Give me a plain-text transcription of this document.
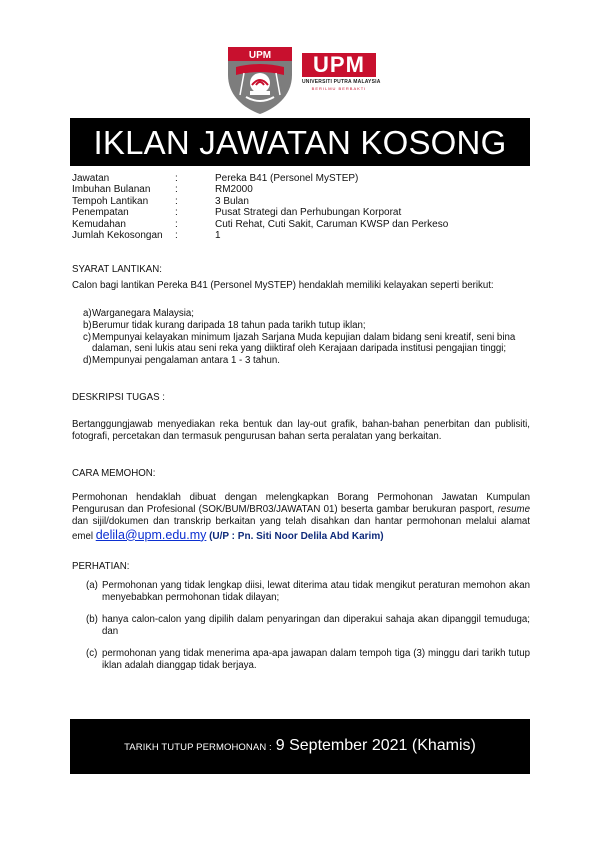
UPM	UPM
UNIVERSITI PUTRA MALAYSIA
BERILMU BERBAKTI
IKLAN JAWATAN KOSONG
Jawatan	:	Pereka B41 (Personel MySTEP)
Imbuhan Bulanan :	RM2000
Tempoh Lantikan	:	3 Bulan
Penempatan	:	Pusat Strategi dan Perhubungan Korporat
Kemudahan	:	Cuti Rehat, Cuti Sakit, Caruman KWSP dan Perkeso
Jumlah Kekosongan :	1
SYARAT LANTIKAN:
Calon bagi lantikan Pereka B41 (Personel MySTEP) hendaklah memiliki kelayakan seperti berikut:
a) Warganegara Malaysia;
b) Berumur tidak kurang daripada 18 tahun pada tarikh tutup iklan;
c) Mempunyai kelayakan minimum Ijazah Sarjana Muda kepujian dalam bidang seni kreatif, seni bina dalaman, seni lukis atau seni reka yang diiktiraf oleh Kerajaan daripada institusi pengajian tinggi;
d) Mempunyai pengalaman antara 1 - 3 tahun.
DESKRIPSI TUGAS :
Bertanggungjawab menyediakan reka bentuk dan lay-out grafik, bahan-bahan penerbitan dan publisiti, fotografi, percetakan dan termasuk pengurusan bahan serta peralatan yang berkaitan.
CARA MEMOHON:
Permohonan hendaklah dibuat dengan melengkapkan Borang Permohonan Jawatan Kumpulan Pengurusan dan Profesional (SOK/BUM/BR03/JAWATAN 01) beserta gambar berukuran pasport, resume dan sijil/dokumen dan transkrip berkaitan yang telah disahkan dan hantar permohonan melalui alamat emel delila@upm.edu.my (U/P : Pn. Siti Noor Delila Abd Karim)
PERHATIAN:
(a) Permohonan yang tidak lengkap diisi, lewat diterima atau tidak mengikut peraturan memohon akan menyebabkan permohonan tidak dilayan;
(b) hanya calon-calon yang dipilih dalam penyaringan dan diperakui sahaja akan dipanggil temuduga; dan
(c) permohonan yang tidak menerima apa-apa jawapan dalam tempoh tiga (3) minggu dari tarikh tutup iklan adalah dianggap tidak berjaya.
TARIKH TUTUP PERMOHONAN : 9 September 2021 (Khamis)
